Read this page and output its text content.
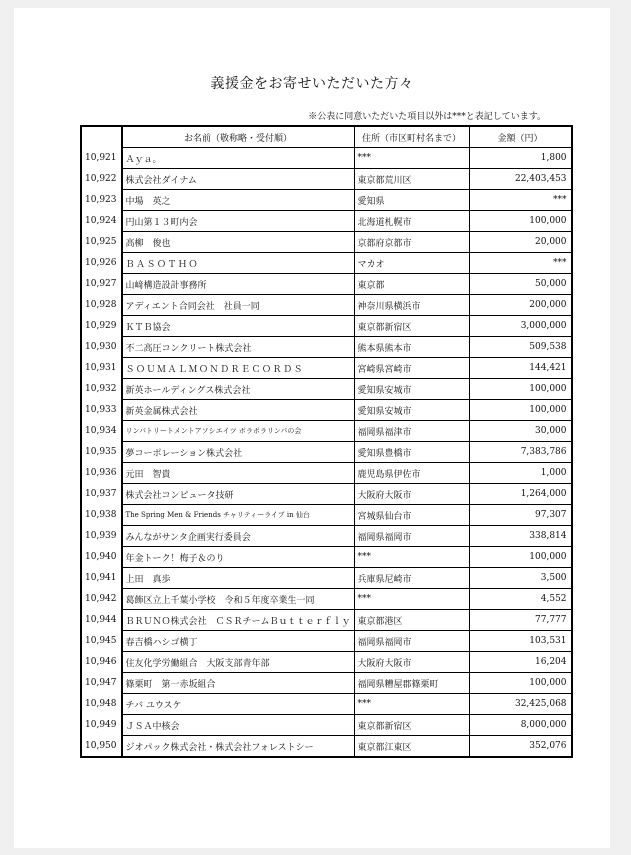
義援金をお寄せいただいた方々
※公表に同意いただいた項目以外は***と表記しています。
	お名前（敬称略・受付順）	住所（市区町村名まで）	金額（円）
10,921	Ａｙａ。	***	1,800
10,922	株式会社ダイナム	東京都荒川区	22,403,453
10,923	中場　英之	愛知県	***
10,924	円山第１３町内会	北海道札幌市	100,000
10,925	高柳　俊也	京都府京都市	20,000
10,926	ＢＡＳＯＴＨＯ	マカオ	***
10,927	山﨑構造設計事務所	東京都	50,000
10,928	アディエント合同会社　社員一同	神奈川県横浜市	200,000
10,929	ＫＴＢ協会	東京都新宿区	3,000,000
10,930	不二高圧コンクリート株式会社	熊本県熊本市	509,538
10,931	ＳＯＵＭＡＬＭＯＮＤＲＥＣＯＲＤＳ	宮崎県宮崎市	144,421
10,932	新英ホールディングス株式会社	愛知県安城市	100,000
10,933	新英金属株式会社	愛知県安城市	100,000
10,934	リンパトリートメントアソシエイツ ボラボラリンパの会	福岡県福津市	30,000
10,935	夢コーポレーション株式会社	愛知県豊橋市	7,383,786
10,936	元田　智貴	鹿児島県伊佐市	1,000
10,937	株式会社コンピュータ技研	大阪府大阪市	1,264,000
10,938	The Spring Men & Friends チャリティーライブ in 仙台	宮城県仙台市	97,307
10,939	みんながサンタ企画実行委員会	福岡県福岡市	338,814
10,940	年金トーク！梅子＆のり	***	100,000
10,941	上田　真歩	兵庫県尼崎市	3,500
10,942	葛飾区立上千葉小学校　令和５年度卒業生一同	***	4,552
10,944	ＢＲＵＮＯ株式会社　ＣＳＲチームＢｕｔｔｅｒｆｌｙ	東京都港区	77,777
10,945	春吉橋ハシゴ横丁	福岡県福岡市	103,531
10,946	住友化学労働組合　大阪支部青年部	大阪府大阪市	16,204
10,947	篠栗町　第一赤坂組合	福岡県糟屋郡篠栗町	100,000
10,948	チバ ユウスケ	***	32,425,068
10,949	ＪＳＡ中核会	東京都新宿区	8,000,000
10,950	ジオパック株式会社・株式会社フォレストシー	東京都江東区	352,076
